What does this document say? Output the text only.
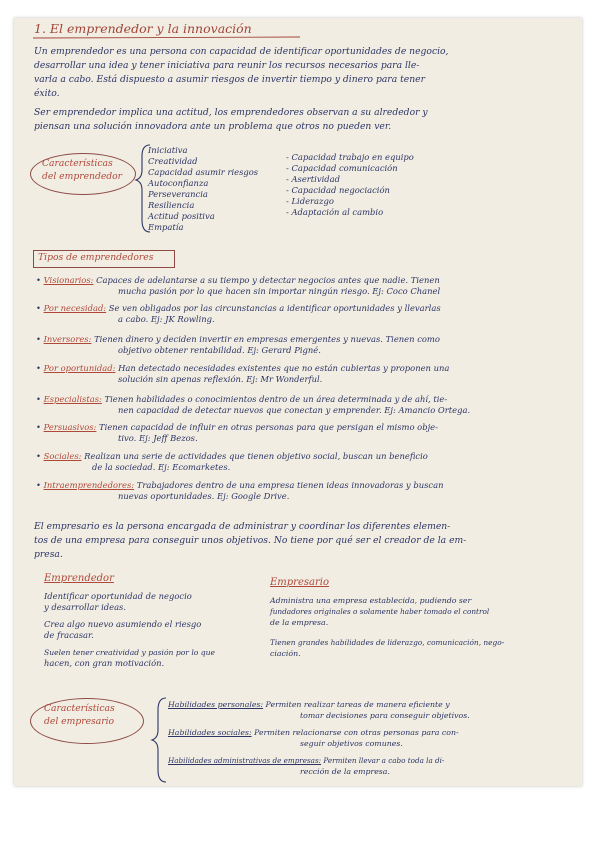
1. El emprendedor y la innovación
Un emprendedor es una persona con capacidad de identificar oportunidades de negocio,
desarrollar una idea y tener iniciativa para reunir los recursos necesarios para lle-
varla a cabo. Está dispuesto a asumir riesgos de invertir tiempo y dinero para tener
éxito.
Ser emprendedor implica una actitud, los emprendedores observan a su alrededor y
piensan una solución innovadora ante un problema que otros no pueden ver.
Características
del emprendedor
Iniciativa
Creatividad
Capacidad asumir riesgos
Autoconfianza
Perseverancia
Resiliencia
Actitud positiva
Empatía
- Capacidad trabajo en equipo
- Capacidad comunicación
- Asertividad
- Capacidad negociación
- Liderazgo
- Adaptación al cambio
Tipos de emprendedores
• Visionarios: Capaces de adelantarse a su tiempo y detectar negocios antes que nadie. Tienen
mucha pasión por lo que hacen sin importar ningún riesgo. Ej: Coco Chanel
• Por necesidad: Se ven obligados por las circunstancias a identificar oportunidades y llevarlas
a cabo. Ej: JK Rowling.
• Inversores: Tienen dinero y deciden invertir en empresas emergentes y nuevas. Tienen como
objetivo obtener rentabilidad. Ej: Gerard Pigné.
• Por oportunidad: Han detectado necesidades existentes que no están cubiertas y proponen una
solución sin apenas reflexión. Ej: Mr Wonderful.
• Especialistas: Tienen habilidades o conocimientos dentro de un área determinada y de ahí, tie-
nen capacidad de detectar nuevos que conectan y emprender. Ej: Amancio Ortega.
• Persuasivos: Tienen capacidad de influir en otras personas para que persigan el mismo obje-
tivo. Ej: Jeff Bezos.
• Sociales: Realizan una serie de actividades que tienen objetivo social, buscan un beneficio
de la sociedad. Ej: Ecomarketes.
• Intraemprendedores: Trabajadores dentro de una empresa tienen ideas innovadoras y buscan
nuevas oportunidades. Ej: Google Drive.
El empresario es la persona encargada de administrar y coordinar los diferentes elemen-
tos de una empresa para conseguir unos objetivos. No tiene por qué ser el creador de la em-
presa.
Emprendedor
Identificar oportunidad de negocio
y desarrollar ideas.
Crea algo nuevo asumiendo el riesgo
de fracasar.
Suelen tener creatividad y pasión por lo que
hacen, con gran motivación.
Empresario
Administra una empresa establecida, pudiendo ser
fundadores originales o solamente haber tomado el control
de la empresa.
Tienen grandes habilidades de liderazgo, comunicación, nego-
ciación.
Características
del empresario
Habilidades personales: Permiten realizar tareas de manera eficiente y
tomar decisiones para conseguir objetivos.
Habilidades sociales: Permiten relacionarse con otras personas para con-
seguir objetivos comunes.
Habilidades administrativas de empresas: Permiten llevar a cabo toda la di-
rección de la empresa.
